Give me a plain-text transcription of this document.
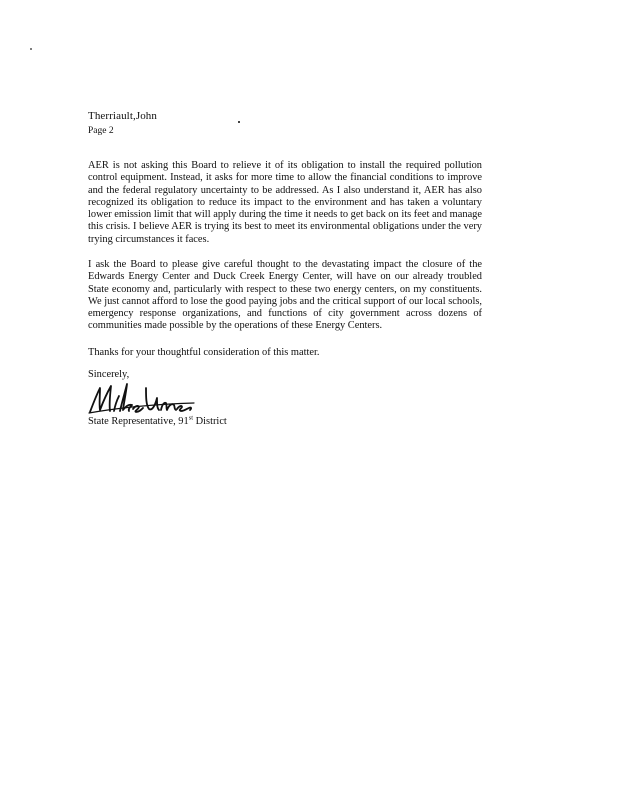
Therriault,John
Page 2

AER is not asking this Board to relieve it of its obligation to install the required pollution control equipment. Instead, it asks for more time to allow the financial conditions to improve and the federal regulatory uncertainty to be addressed. As I also understand it, AER has also recognized its obligation to reduce its impact to the environment and has taken a voluntary lower emission limit that will apply during the time it needs to get back on its feet and manage this crisis. I believe AER is trying its best to meet its environmental obligations under the very trying circumstances it faces.

I ask the Board to please give careful thought to the devastating impact the closure of the Edwards Energy Center and Duck Creek Energy Center, will have on our already troubled State economy and, particularly with respect to these two energy centers, on my constituents. We just cannot afford to lose the good paying jobs and the critical support of our local schools, emergency response organizations, and functions of city government across dozens of communities made possible by the operations of these Energy Centers.

Thanks for your thoughtful consideration of this matter.

Sincerely,

State Representative, 91st District
